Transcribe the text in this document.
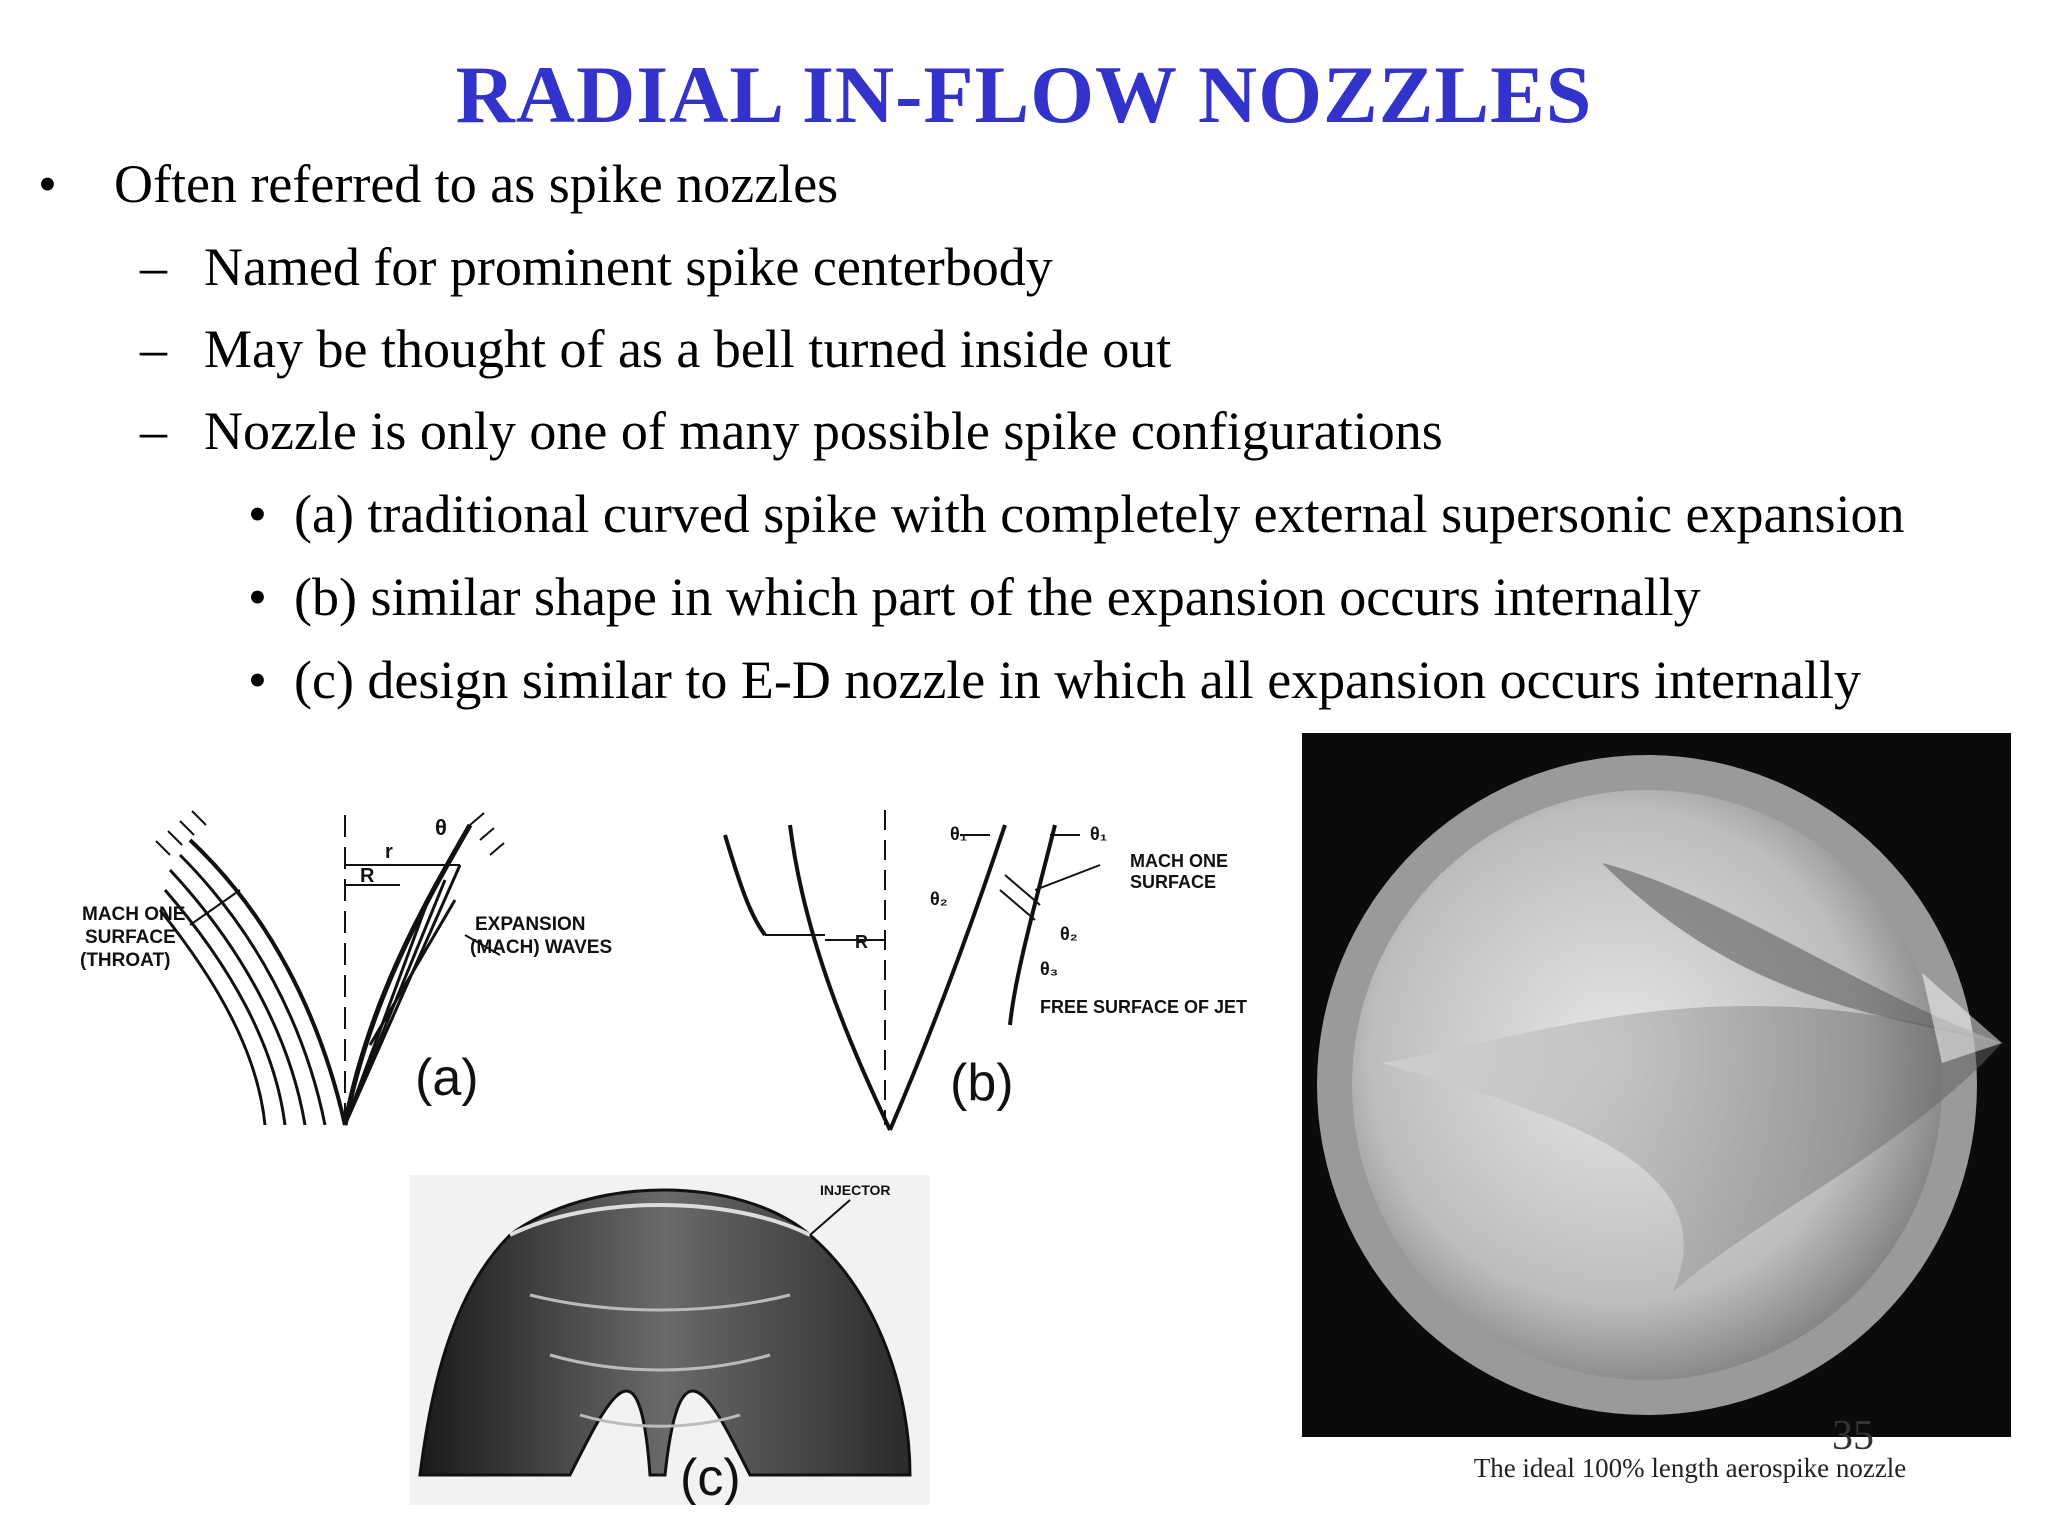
RADIAL IN-FLOW NOZZLES
• Often referred to as spike nozzles
– Named for prominent spike centerbody
– May be thought of as a bell turned inside out
– Nozzle is only one of many possible spike configurations
• (a) traditional curved spike with completely external supersonic expansion
• (b) similar shape in which part of the expansion occurs internally
• (c) design similar to E-D nozzle in which all expansion occurs internally
θ
r
R
MACH ONE
SURFACE
(THROAT)
EXPANSION
(MACH) WAVES
(a)
R
θ₁	θ₁
θ₂
θ₂
θ₃
MACH ONE
SURFACE
FREE SURFACE OF JET
(b)
INJECTOR
(c)
35
The ideal 100% length aerospike nozzle
